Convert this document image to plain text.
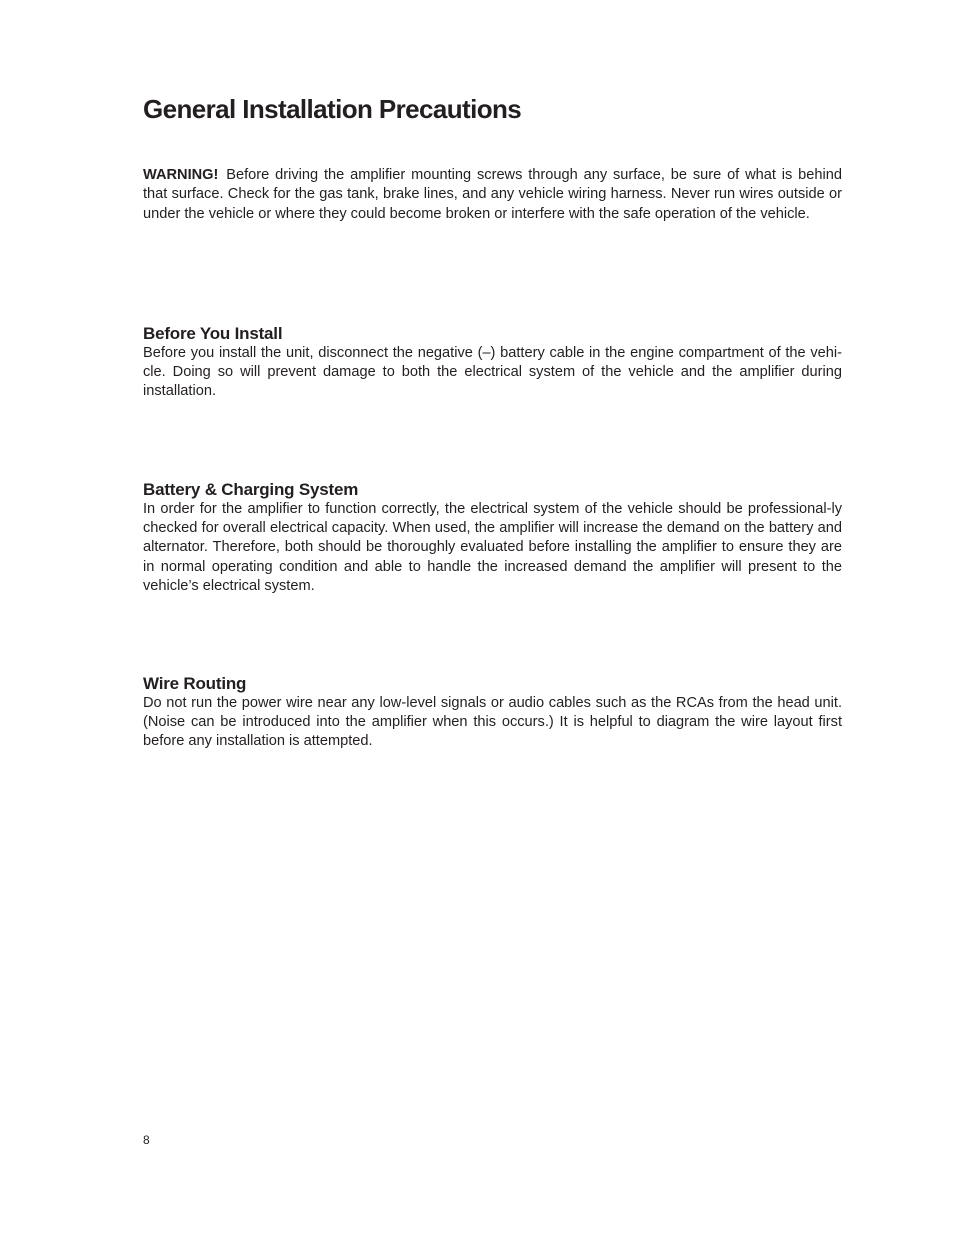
General Installation Precautions

WARNING! Before driving the amplifier mounting screws through any surface, be sure of what is behind that surface. Check for the gas tank, brake lines, and any vehicle wiring harness. Never run wires outside or under the vehicle or where they could become broken or interfere with the safe operation of the vehicle.

Before You Install

Before you install the unit, disconnect the negative (–) battery cable in the engine compartment of the vehi-cle. Doing so will prevent damage to both the electrical system of the vehicle and the amplifier during installation.

Battery & Charging System

In order for the amplifier to function correctly, the electrical system of the vehicle should be professional-ly checked for overall electrical capacity. When used, the amplifier will increase the demand on the battery and alternator. Therefore, both should be thoroughly evaluated before installing the amplifier to ensure they are in normal operating condition and able to handle the increased demand the amplifier will present to the vehicle’s electrical system.

Wire Routing

Do not run the power wire near any low-level signals or audio cables such as the RCAs from the head unit. (Noise can be introduced into the amplifier when this occurs.) It is helpful to diagram the wire layout first before any installation is attempted.

8
